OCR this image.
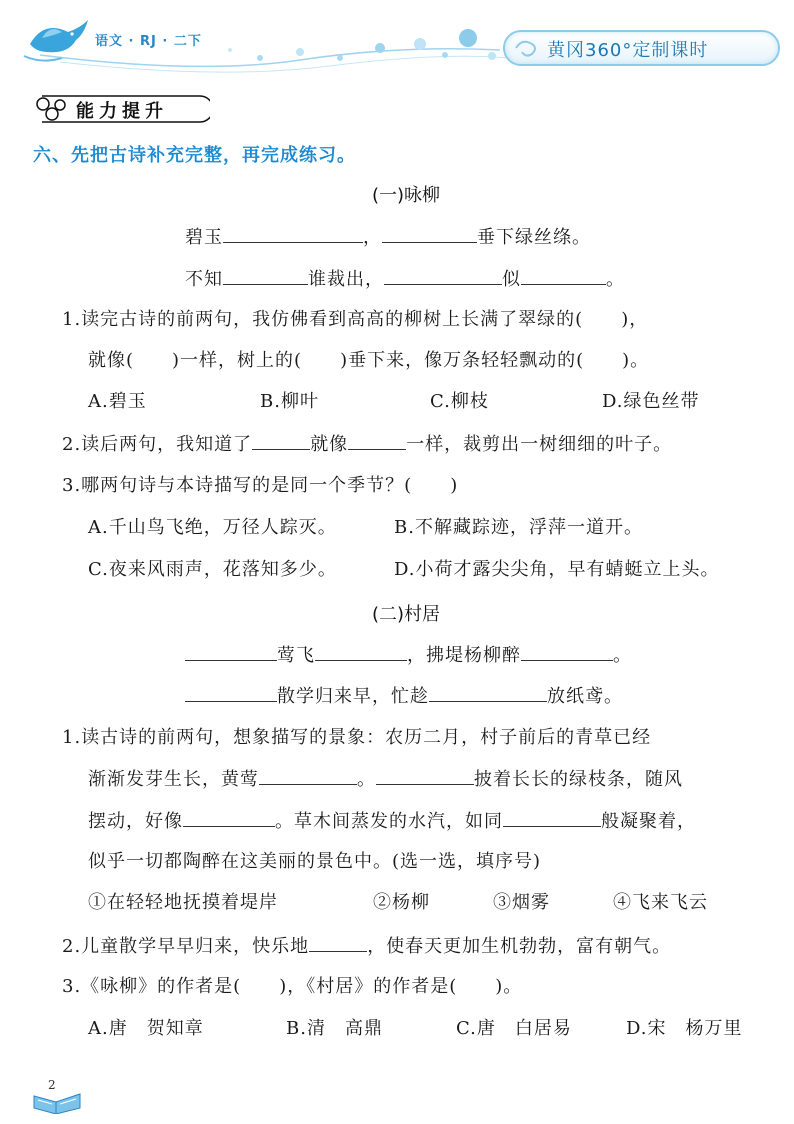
语文 · RJ · 二下	黄冈360°定制课时
能力提升
六、先把古诗补充完整，再完成练习。
(一)咏柳
碧玉	，	垂下绿丝绦。
不知	谁裁出，	似	。
1.读完古诗的前两句，我仿佛看到高高的柳树上长满了翠绿的(　　)，
就像(　　)一样，树上的(　　)垂下来，像万条轻轻飘动的(　　)。
A.碧玉	B.柳叶	C.柳枝	D.绿色丝带
2.读后两句，我知道了	就像	一样，裁剪出一树细细的叶子。
3.哪两句诗与本诗描写的是同一个季节？(　　)
A.千山鸟飞绝，万径人踪灭。	B.不解藏踪迹，浮萍一道开。
C.夜来风雨声，花落知多少。	D.小荷才露尖尖角，早有蜻蜓立上头。
(二)村居
莺飞	，拂堤杨柳醉	。
散学归来早，忙趁	放纸鸢。
1.读古诗的前两句，想象描写的景象：农历二月，村子前后的青草已经
渐渐发芽生长，黄莺	。	披着长长的绿枝条，随风
摆动，好像	。草木间蒸发的水汽，如同	般凝聚着，
似乎一切都陶醉在这美丽的景色中。(选一选，填序号)
①在轻轻地抚摸着堤岸	②杨柳	③烟雾	④飞来飞云
2.儿童散学早早归来，快乐地	，使春天更加生机勃勃，富有朝气。
3.《咏柳》的作者是(　　)，《村居》的作者是(　　)。
A.唐　贺知章	B.清　高鼎	C.唐　白居易	D.宋　杨万里
2
